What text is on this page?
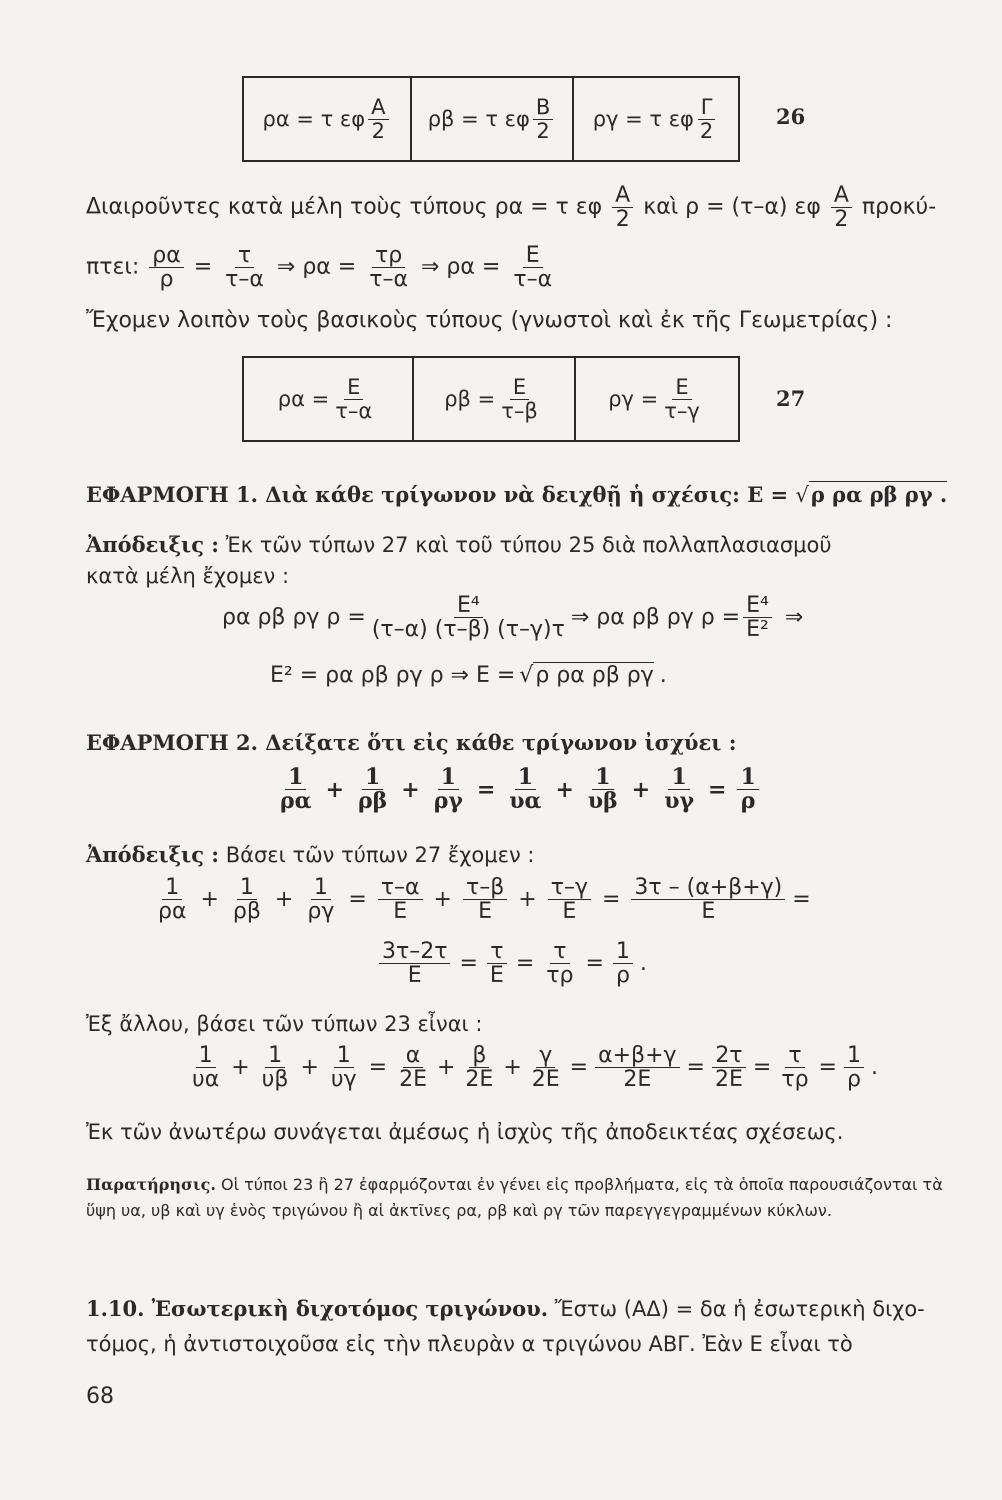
ρα = τ εφ $\frac{A}{2}$ ρβ = τ εφ $\frac{B}{2}$ ργ = τ εφ $\frac{\Gamma}{2}$	26
Διαιροῦντες κατὰ μέλη τοὺς τύπους ρα = τ εφ $\frac{A}{2}$ καὶ ρ = (τ–α) εφ $\frac{A}{2} \pi\rho o\kappa ύ-$
πτει: $\frac{\rho\alpha}{\rho} = \frac{\tau}{\tau-\alpha}$ ⇒ $\rho\alpha = \frac{\tau\rho}{\tau-\alpha}$ ⇒ $\rho\alpha = \frac{E}{\tau-\alpha}$
Ἔχομεν λοιπὸν τοὺς βασικοὺς τύπους (γνωστοὶ καὶ ἐκ τῆς Γεωμετρίας) :
$\rho\alpha = \frac{E}{\tau-\alpha}$	$\rho\beta = \frac{E}{\tau-\beta}$	$\rho\gamma = \frac{E}{\tau-\gamma}$	27
ΕΦΑΡΜΟΓΗ 1. Διὰ κάθε τρίγωνον νὰ δειχθῇ ἡ σχέσις: Ε = √ρ ρα ρβ ργ .
Ἀπόδειξις : Ἐκ τῶν τύπων 27 καὶ τοῦ τύπου 25 διὰ πολλαπλασιασμοῦ
κατὰ μέλη ἔχομεν :
ρα ρβ ργ $\rho = \frac{\text{Ε⁴}}{(\tau-\alpha) (\tau-\beta) (\tau-\gamma)\tau}$ ⇒ ρα ρβ ργ $\rho = \frac{\text{Ε⁴}}{\text{Ε²}}$ ⇒
Ε² = ρα ρβ ργ ρ ⇒ Ε = √ ρ ρα ρβ ργ .
ΕΦΑΡΜΟΓΗ 2. Δείξατε ὅτι εἰς κάθε τρίγωνον ἰσχύει :
$\frac{1}{\rho\alpha} + \frac{1}{\rho\beta} + \frac{1}{\rho\gamma} = \frac{1}{\upsilon\alpha} + \frac{1}{\upsilon\beta} + \frac{1}{\upsilon\gamma} = \frac{1}{\rho}$
Ἀπόδειξις : Βάσει τῶν τύπων 27 ἔχομεν :
$\frac{1}{\rho\alpha} + \frac{1}{\rho\beta} + \frac{1}{\rho\gamma} = \frac{\tau-\alpha}{E} + \frac{\tau-\beta}{E} + \frac{\tau-\gamma}{E} = \frac{3\tau - (\alpha+\beta+\gamma)}{E}$ =
$\frac{3\tau-2\tau}{E} = \frac{\tau}{E} = \frac{\tau}{\tau\rho} = \frac{1}{\rho}$ .
Ἐξ ἄλλου, βάσει τῶν τύπων 23 εἶναι :
$\frac{1}{\upsilon\alpha} + \frac{1}{\upsilon\beta} + \frac{1}{\upsilon\gamma} = \frac{\alpha}{2E} + \frac{\beta}{2E} + \frac{\gamma}{2E} = \frac{\alpha+\beta+\gamma}{2E} = \frac{2\tau}{2E} = \frac{\tau}{\tau\rho} = \frac{1}{\rho}$ .
Ἐκ τῶν ἀνωτέρω συνάγεται ἀμέσως ἡ ἰσχὺς τῆς ἀποδεικτέας σχέσεως.
Παρατήρησις. Οἱ τύποι 23 ἢ 27 ἐφαρμόζονται ἐν γένει εἰς προβλήματα, εἰς τὰ ὁποῖα παρουσιάζονται τὰ ὕψη υα, υβ καὶ υγ ἑνὸς τριγώνου ἢ αἱ ἀκτῖνες ρα, ρβ καὶ ργ τῶν παρεγγεγραμμένων κύκλων.
1.10. Ἐσωτερικὴ διχοτόμος τριγώνου. Ἔστω (ΑΔ) = δα ἡ ἐσωτερικὴ διχο-
τόμος, ἡ ἀντιστοιχοῦσα εἰς τὴν πλευρὰν α τριγώνου ΑΒΓ. Ἐὰν Ε εἶναι τὸ
68
